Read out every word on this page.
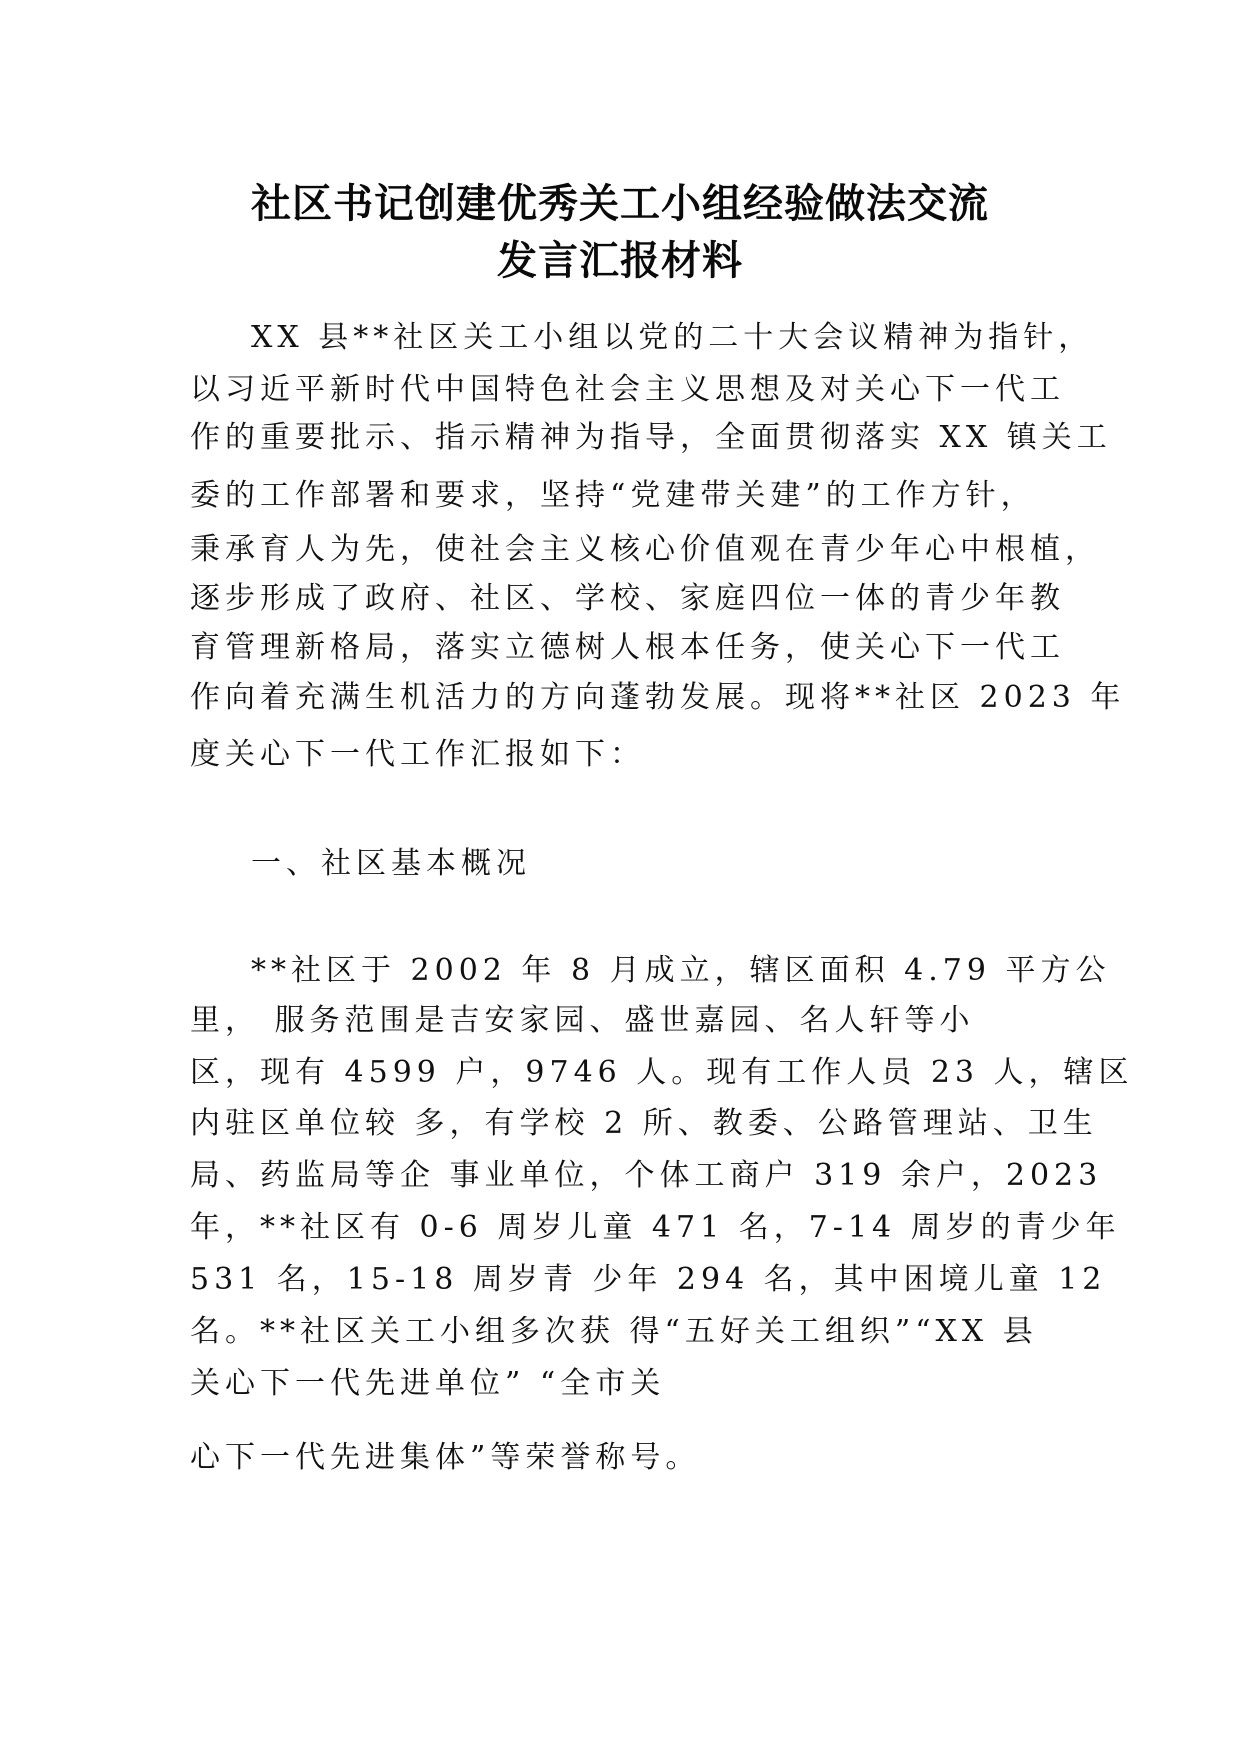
社区书记创建优秀关工小组经验做法交流
发言汇报材料
XX 县**社区关工小组以党的二十大会议精神为指针，
以习近平新时代中国特色社会主义思想及对关心下一代工
作的重要批示、指示精神为指导，全面贯彻落实 XX 镇关工
委的工作部署和要求，坚持“党建带关建”的工作方针，
秉承育人为先，使社会主义核心价值观在青少年心中根植，
逐步形成了政府、社区、学校、家庭四位一体的青少年教
育管理新格局，落实立德树人根本任务，使关心下一代工
作向着充满生机活力的方向蓬勃发展。现将**社区 2023 年
度关心下一代工作汇报如下：
一、社区基本概况
**社区于 2002 年 8 月成立，辖区面积 4.79 平方公
里， 服务范围是吉安家园、盛世嘉园、名人轩等小
区，现有 4599 户，9746 人。现有工作人员 23 人，辖区
内驻区单位较 多，有学校 2 所、教委、公路管理站、卫生
局、药监局等企 事业单位，个体工商户 319 余户，2023
年，**社区有 0-6 周岁儿童 471 名，7-14 周岁的青少年
531 名，15-18 周岁青 少年 294 名，其中困境儿童 12
名。**社区关工小组多次获 得“五好关工组织”“XX 县
关心下一代先进单位” “全市关
心下一代先进集体”等荣誉称号。
